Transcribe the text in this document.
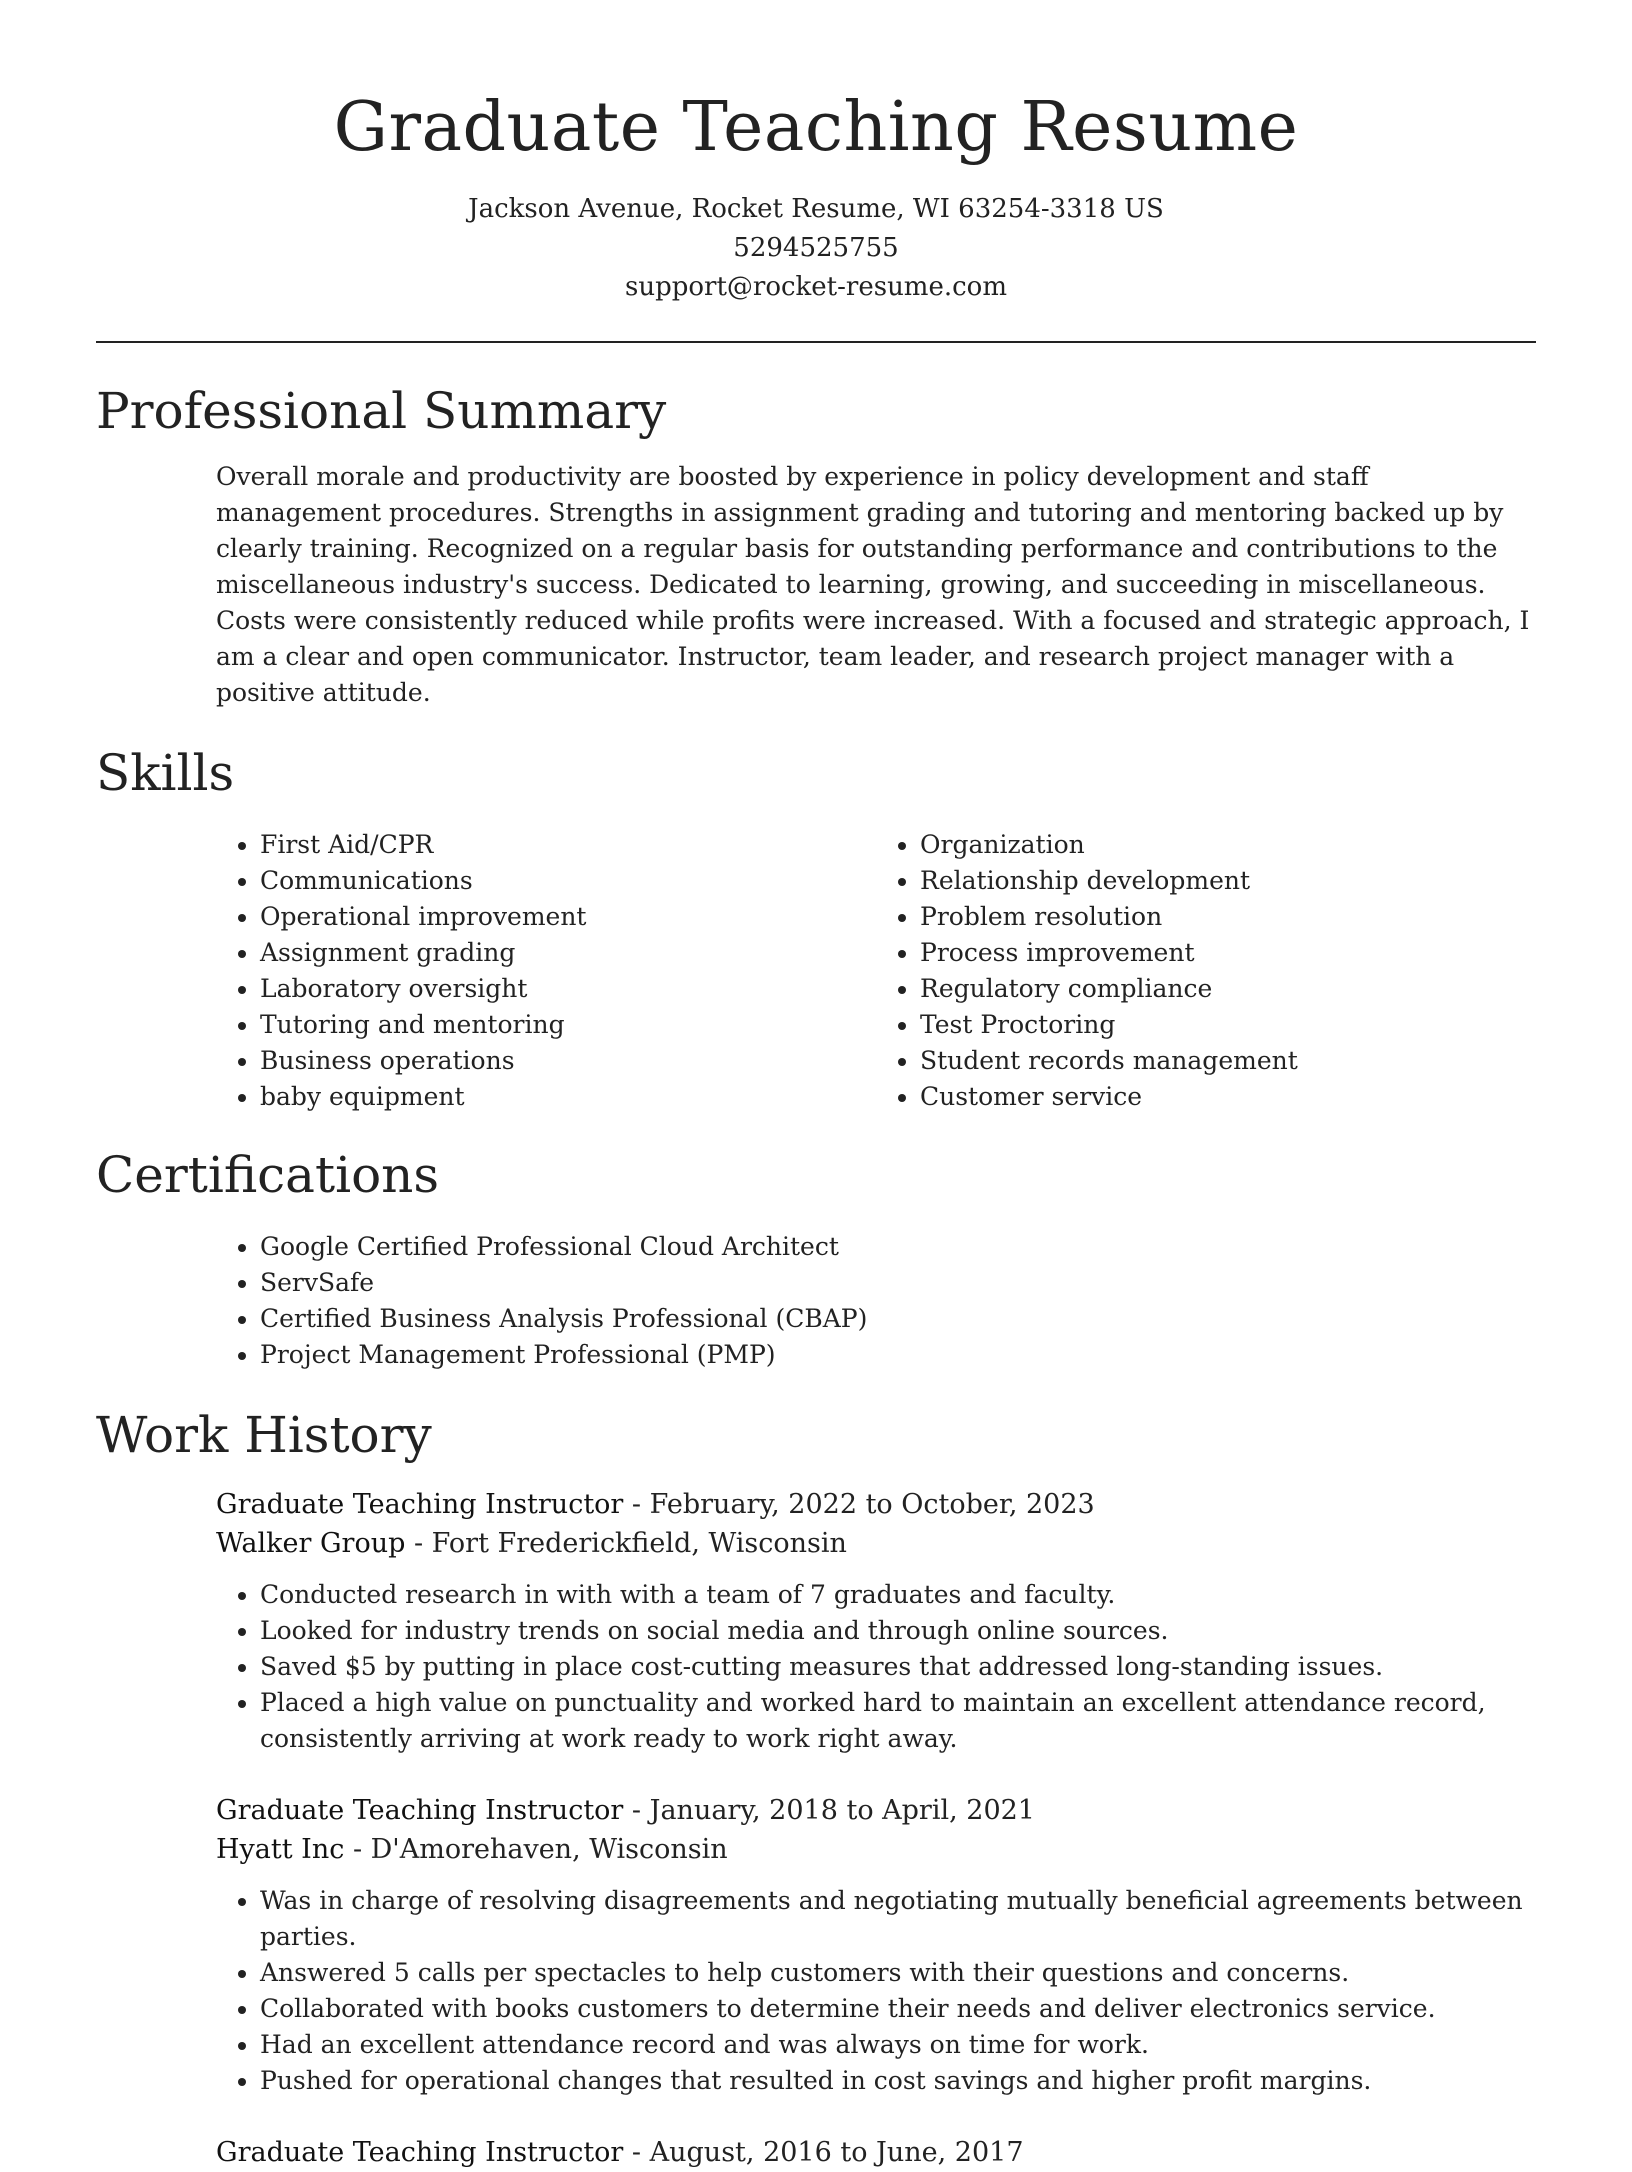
Graduate Teaching Resume
Jackson Avenue, Rocket Resume, WI 63254-3318 US
5294525755
support@rocket-resume.com
Professional Summary

Overall morale and productivity are boosted by experience in policy development and staff management procedures. Strengths in assignment grading and tutoring and mentoring backed up by clearly training. Recognized on a regular basis for outstanding performance and contributions to the miscellaneous industry's success. Dedicated to learning, growing, and succeeding in miscellaneous. Costs were consistently reduced while profits were increased. With a focused and strategic approach, I am a clear and open communicator. Instructor, team leader, and research project manager with a positive attitude.

Skills
• First Aid/CPR
• Communications
• Operational improvement
• Assignment grading
• Laboratory oversight
• Tutoring and mentoring
• Business operations
• baby equipment
• Organization
• Relationship development
• Problem resolution
• Process improvement
• Regulatory compliance
• Test Proctoring
• Student records management
• Customer service
Certifications
• Google Certified Professional Cloud Architect
• ServSafe
• Certified Business Analysis Professional (CBAP)
• Project Management Professional (PMP)
Work History
Graduate Teaching Instructor - February, 2022 to October, 2023
Walker Group - Fort Frederickfield, Wisconsin
• Conducted research in with with a team of 7 graduates and faculty.
• Looked for industry trends on social media and through online sources.
• Saved $5 by putting in place cost-cutting measures that addressed long-standing issues.
• Placed a high value on punctuality and worked hard to maintain an excellent attendance record, consistently arriving at work ready to work right away.
Graduate Teaching Instructor - January, 2018 to April, 2021
Hyatt Inc - D'Amorehaven, Wisconsin
• Was in charge of resolving disagreements and negotiating mutually beneficial agreements between parties.
• Answered 5 calls per spectacles to help customers with their questions and concerns.
• Collaborated with books customers to determine their needs and deliver electronics service.
• Had an excellent attendance record and was always on time for work.
• Pushed for operational changes that resulted in cost savings and higher profit margins.
Graduate Teaching Instructor - August, 2016 to June, 2017
